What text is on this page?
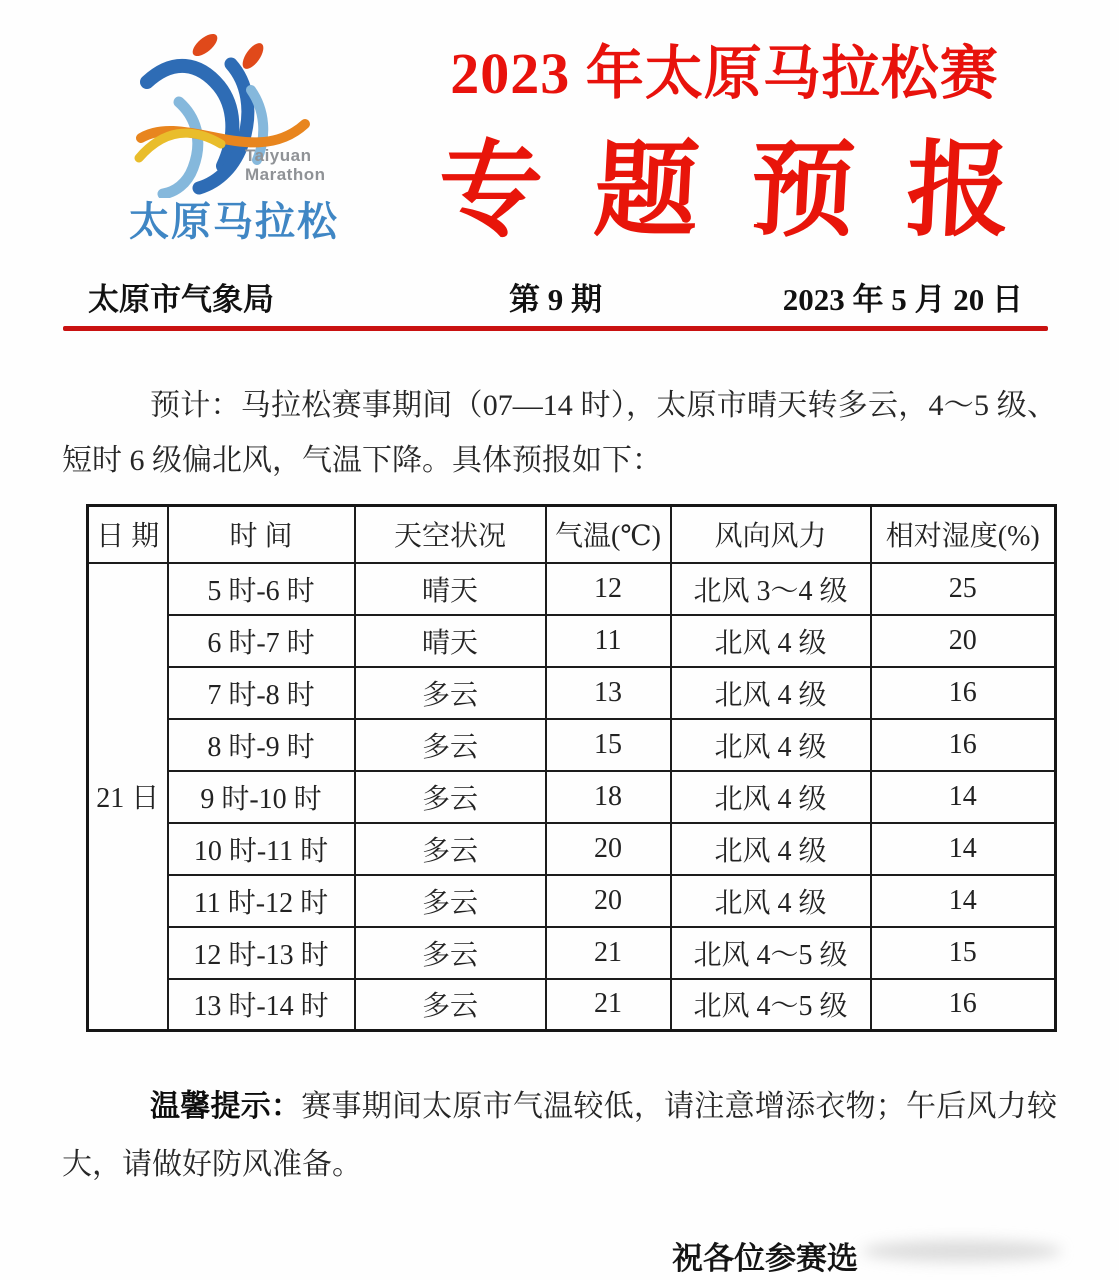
Taiyuan
Marathon
太原马拉松
2023 年太原马拉松赛
专 题 预 报
太原市气象局	第 9 期	2023 年 5 月 20 日

预计：马拉松赛事期间（07—14 时），太原市晴天转多云，4～5 级、短时 6 级偏北风，气温下降。具体预报如下：

日 期	时 间	天空状况	气温(℃)	风向风力	相对湿度(%)
21 日	5 时-6 时	晴天	12	北风 3～4 级	25
	6 时-7 时	晴天	11	北风 4 级	20
	7 时-8 时	多云	13	北风 4 级	16
	8 时-9 时	多云	15	北风 4 级	16
	9 时-10 时	多云	18	北风 4 级	14
	10 时-11 时	多云	20	北风 4 级	14
	11 时-12 时	多云	20	北风 4 级	14
	12 时-13 时	多云	21	北风 4～5 级	15
	13 时-14 时	多云	21	北风 4～5 级	16

温馨提示：赛事期间太原市气温较低，请注意增添衣物；午后风力较大，请做好防风准备。

祝各位参赛选
